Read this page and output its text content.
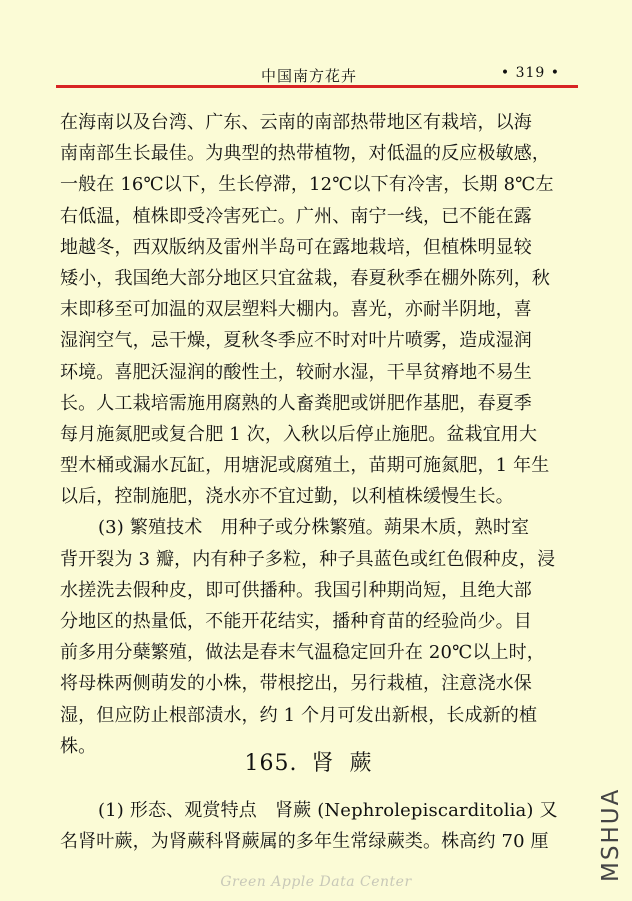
中国南方花卉	• 319 •
在海南以及台湾、广东、云南的南部热带地区有栽培，以海
南南部生长最佳。为典型的热带植物，对低温的反应极敏感，
一般在 16℃以下，生长停滞，12℃以下有冷害，长期 8℃左
右低温，植株即受冷害死亡。广州、南宁一线，已不能在露
地越冬，西双版纳及雷州半岛可在露地栽培，但植株明显较
矮小，我国绝大部分地区只宜盆栽，春夏秋季在棚外陈列，秋
末即移至可加温的双层塑料大棚内。喜光，亦耐半阴地，喜
湿润空气，忌干燥，夏秋冬季应不时对叶片喷雾，造成湿润
环境。喜肥沃湿润的酸性土，较耐水湿，干旱贫瘠地不易生
长。人工栽培需施用腐熟的人畜粪肥或饼肥作基肥，春夏季
每月施氮肥或复合肥 1 次，入秋以后停止施肥。盆栽宜用大
型木桶或漏水瓦缸，用塘泥或腐殖土，苗期可施氮肥，1 年生
以后，控制施肥，浇水亦不宜过勤，以利植株缓慢生长。
(3) 繁殖技术　用种子或分株繁殖。蒴果木质，熟时室
背开裂为 3 瓣，内有种子多粒，种子具蓝色或红色假种皮，浸
水搓洗去假种皮，即可供播种。我国引种期尚短，且绝大部
分地区的热量低，不能开花结实，播种育苗的经验尚少。目
前多用分蘖繁殖，做法是春末气温稳定回升在 20℃以上时，
将母株两侧萌发的小株，带根挖出，另行栽植，注意浇水保
湿，但应防止根部渍水，约 1 个月可发出新根，长成新的植
株。
165. 肾蕨
(1) 形态、观赏特点　肾蕨 (Nephrolepiscarditolia) 又
名肾叶蕨，为肾蕨科肾蕨属的多年生常绿蕨类。株高约 70 厘	MSHUA
Green Apple Data Center
